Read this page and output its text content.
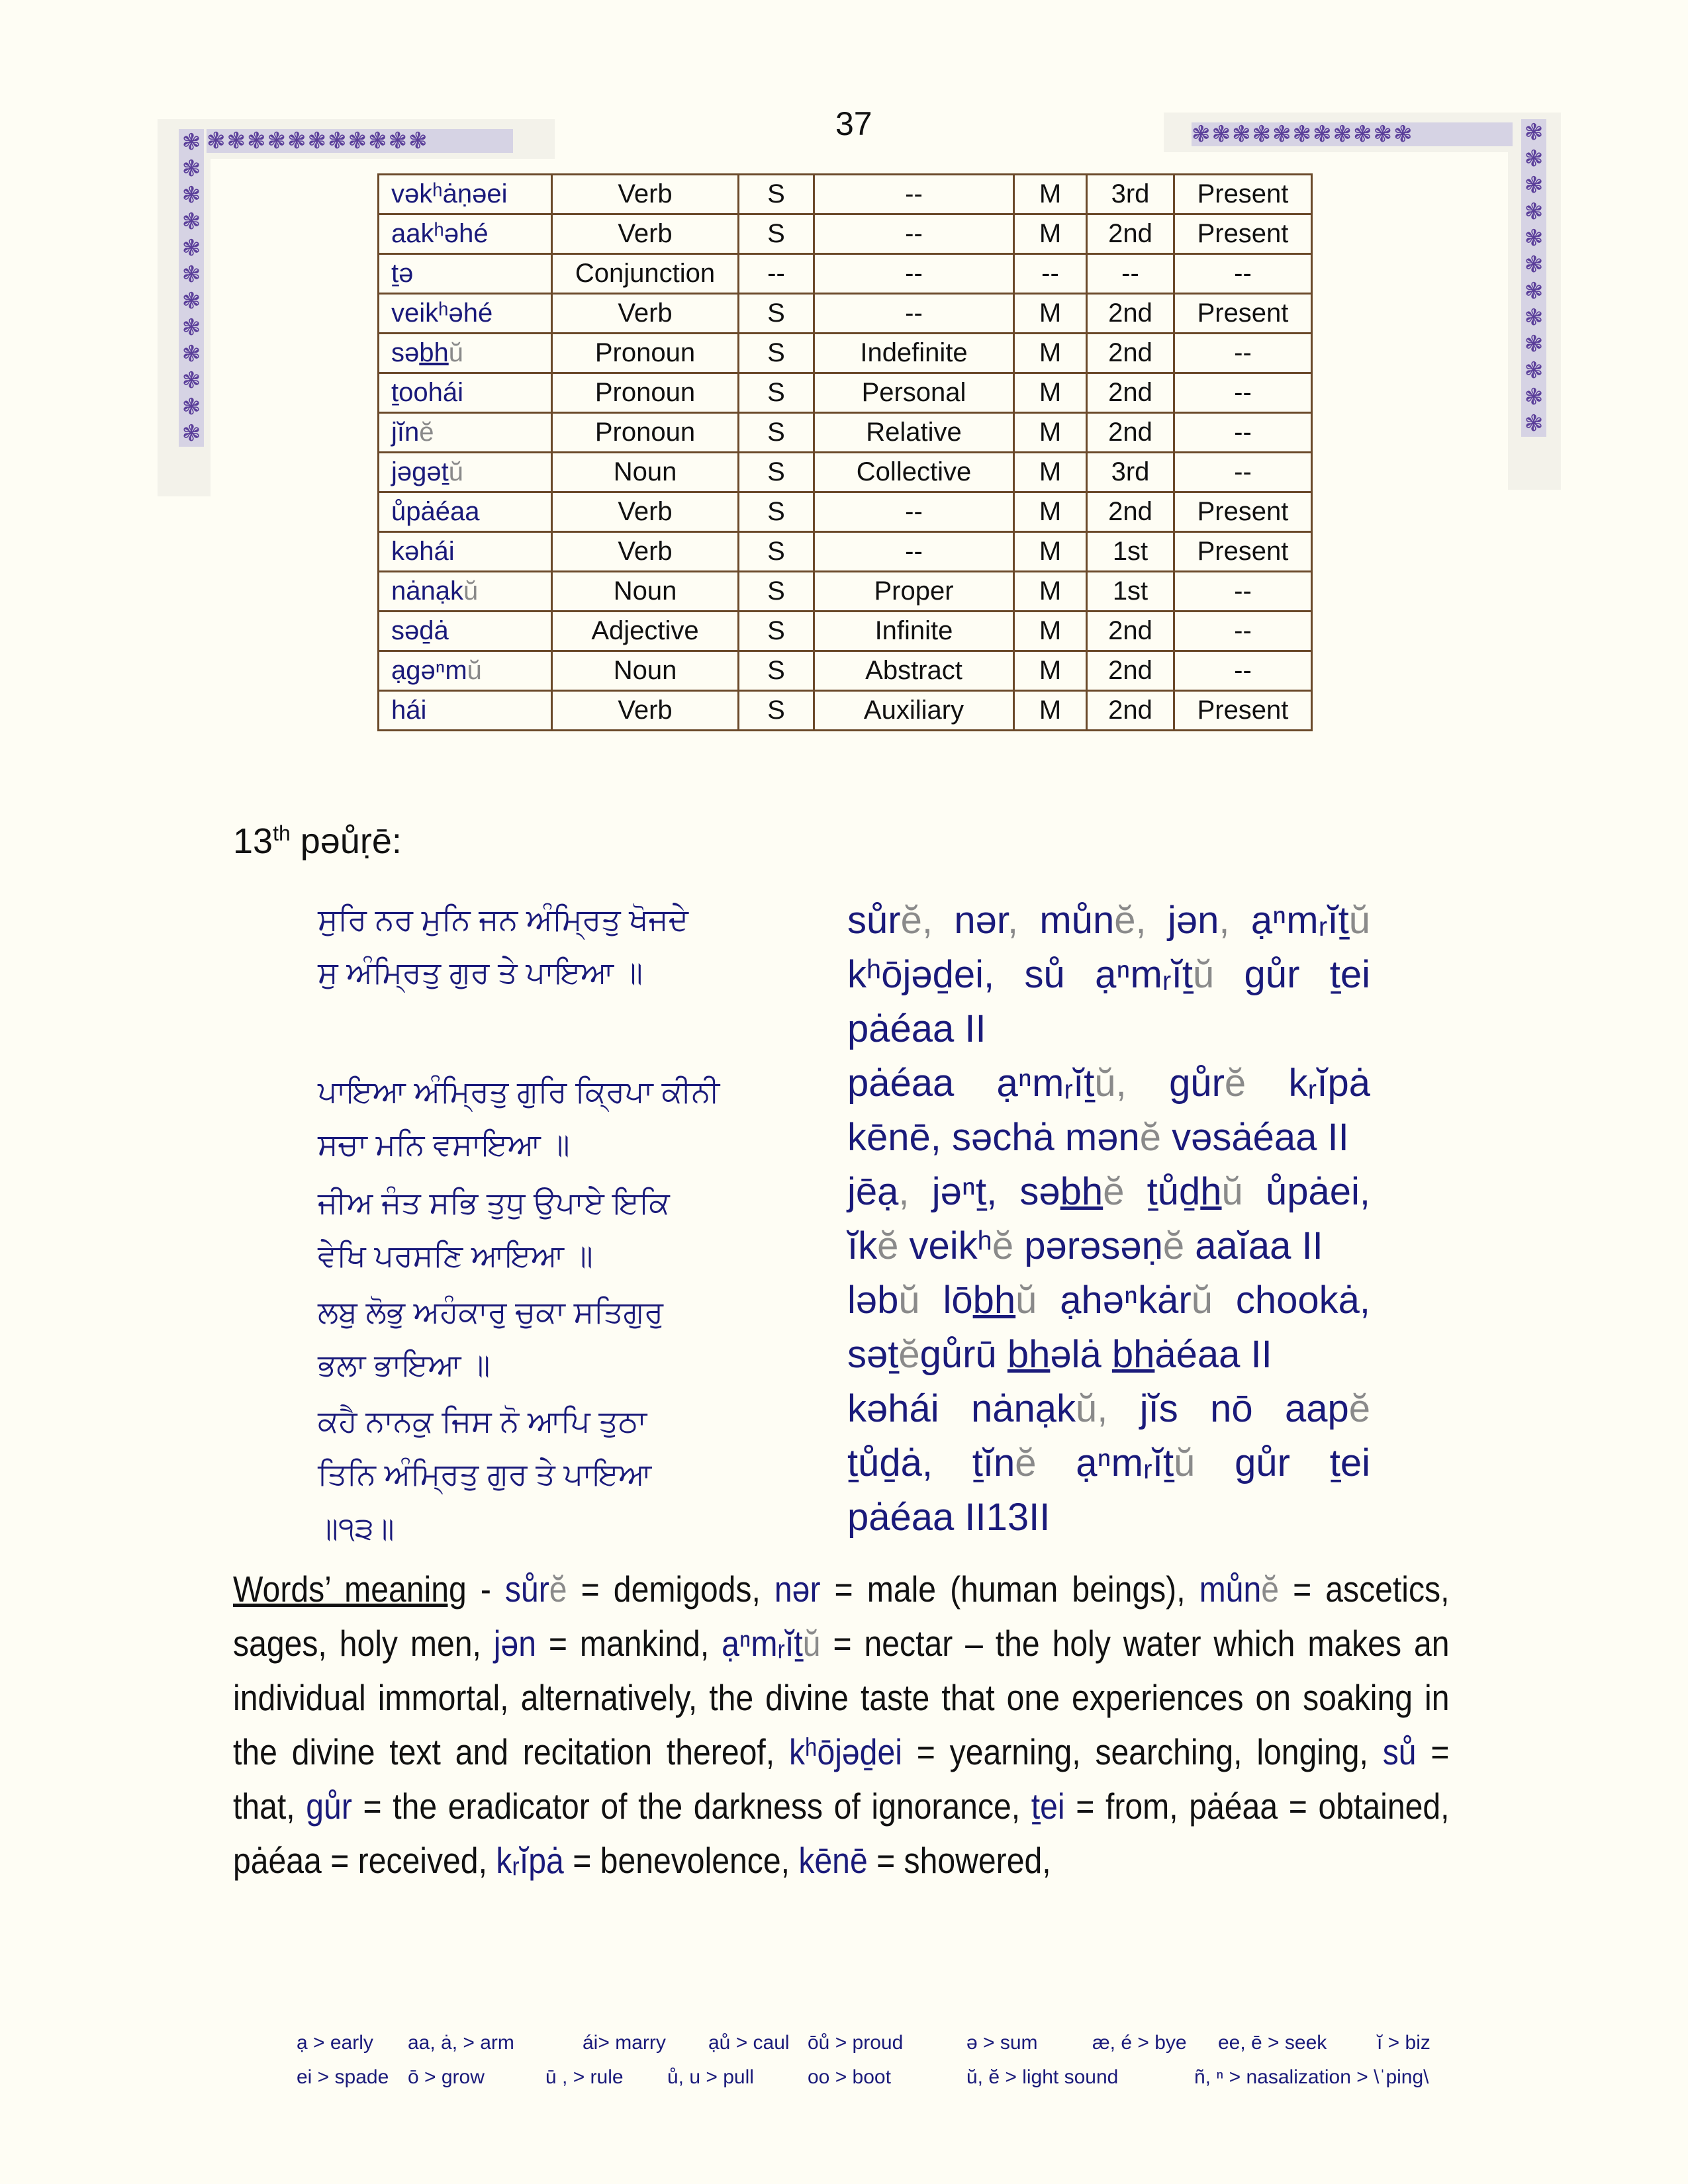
37
❃ ❃ ❃ ❃ ❃ ❃ ❃ ❃ ❃ ❃ ❃
❃
❃
❃
❃
❃
❃
❃
❃
❃
❃
❃
❃
❃ ❃ ❃ ❃ ❃ ❃ ❃ ❃ ❃ ❃ ❃	❃
❃
❃
❃
❃
❃
❃
❃
❃
❃
❃
❃
vəkʰȧṇəei	Verb	S	--	M	3rd	Present
aakʰəhé	Verb	S	--	M	2nd	Present
ṯə	Conjunction	--	--	--	--	--
veikʰəhé	Verb	S	--	M	2nd	Present
səbhŭ	Pronoun	S	Indefinite	M	2nd	--
ṯoohái	Pronoun	S	Personal	M	2nd	--
jĭnĕ	Pronoun	S	Relative	M	2nd	--
jəgəṯŭ	Noun	S	Collective	M	3rd	--
ůpȧéaa	Verb	S	--	M	2nd	Present
kəhái	Verb	S	--	M	1st	Present
nȧnạkŭ	Noun	S	Proper	M	1st	--
səḏȧ	Adjective	S	Infinite	M	2nd	--
ạgəⁿmŭ	Noun	S	Abstract	M	2nd	--
hái	Verb	S	Auxiliary	M	2nd	Present
13th pəůṛē:
ਸੁਰਿ ਨਰ ਮੁਨਿ ਜਨ ਅੰਮ੍ਰਿਤੁ ਖੋਜਦੇ
ਸੁ ਅੰਮ੍ਰਿਤੁ ਗੁਰ ਤੇ ਪਾਇਆ ॥
ਪਾਇਆ ਅੰਮ੍ਰਿਤੁ ਗੁਰਿ ਕ੍ਰਿਪਾ ਕੀਨੀ
ਸਚਾ ਮਨਿ ਵਸਾਇਆ ॥
ਜੀਅ ਜੰਤ ਸਭਿ ਤੁਧੁ ਉਪਾਏ ਇਕਿ
ਵੇਖਿ ਪਰਸਣਿ ਆਇਆ ॥
ਲਬੁ ਲੋਭੁ ਅਹੰਕਾਰੁ ਚੁਕਾ ਸਤਿਗੁਰੁ
ਭਲਾ ਭਾਇਆ ॥
ਕਹੈ ਨਾਨਕੁ ਜਿਸ ਨੋ ਆਪਿ ਤੁਠਾ
ਤਿਨਿ ਅੰਮ੍ਰਿਤੁ ਗੁਰ ਤੇ ਪਾਇਆ
॥੧੩॥
sůrĕ, nər, můnĕ, jən, ạⁿmᵣĭṯŭ
kʰōjəḏei, sů ạⁿmᵣĭṯŭ gůr ṯei
pȧéaa II
pȧéaa ạⁿmᵣĭṯŭ, gůrĕ kᵣĭpȧ
kēnē, səchȧ mənĕ vəsȧéaa II
jēạ, jəⁿṯ, səbhĕ ṯůḏhŭ ůpȧei,
ĭkĕ veikʰĕ pərəsəṇĕ aaĭaa II
ləbŭ lōbhŭ ạhəⁿkȧrŭ chookȧ,
səṯĕgůrū bhəlȧ bhȧéaa II
kəhái nȧnạkŭ, jĭs nō aapĕ
ṯůḏȧ, ṯĭnĕ ạⁿmᵣĭṯŭ gůr ṯei
pȧéaa II13II
Words’ meaning - sůrĕ = demigods, nər = male (human beings), můnĕ = ascetics, sages, holy men, jən = mankind, ạⁿmᵣĭṯŭ = nectar – the holy water which makes an individual immortal, alternatively, the divine taste that one experiences on soaking in the divine text and recitation thereof, kʰōjəḏei = yearning, searching, longing, sů = that, gůr = the eradicator of the darkness of ignorance, ṯei = from, pȧéaa = obtained, pȧéaa = received, kᵣĭpȧ = benevolence, kēnē = showered,
ạ > early aa, ȧ, > arm	ái> marry ạů > caul ōů > proud	ə > sum	æ, é > bye ee, ē > seek	ĭ > biz
ei > spade ō > grow	ū , > rule ů, u > pull	oo > boot	ŭ, ĕ > light sound	ñ, ⁿ > nasalization > \ˈping\
